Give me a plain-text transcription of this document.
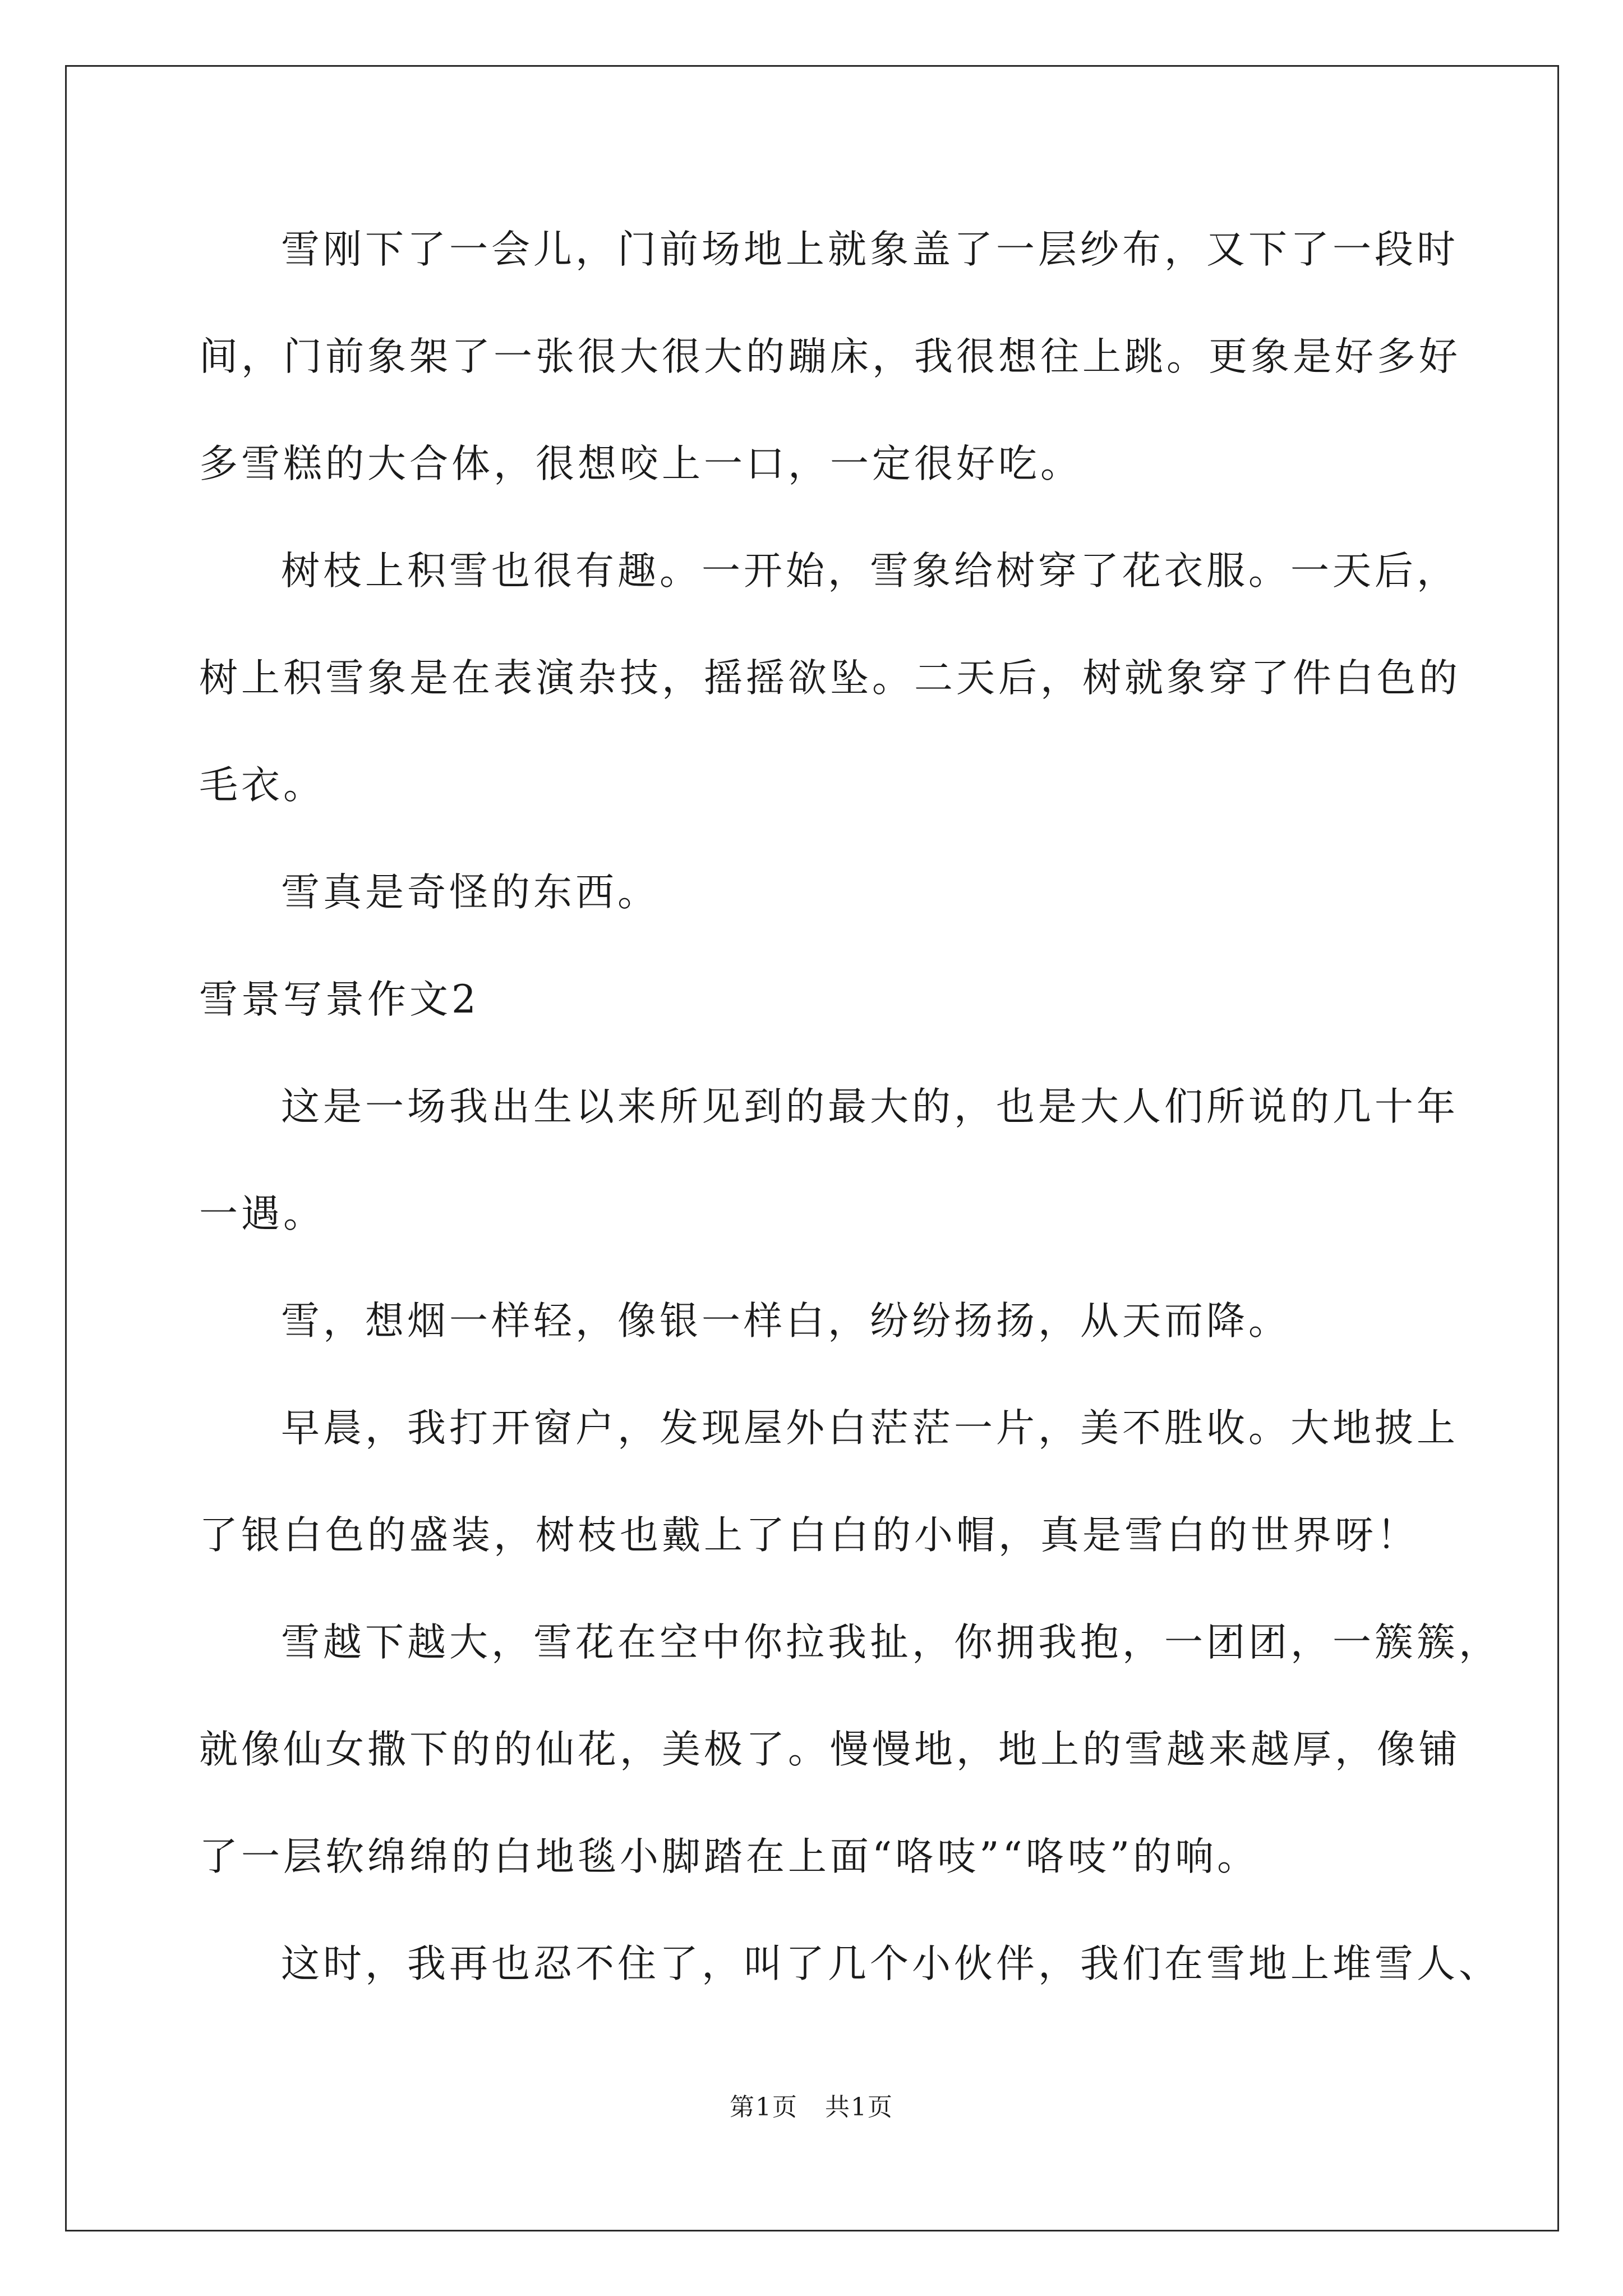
雪刚下了一会儿，门前场地上就象盖了一层纱布，又下了一段时
间，门前象架了一张很大很大的蹦床，我很想往上跳。更象是好多好
多雪糕的大合体，很想咬上一口，一定很好吃。
树枝上积雪也很有趣。一开始，雪象给树穿了花衣服。一天后，
树上积雪象是在表演杂技，摇摇欲坠。二天后，树就象穿了件白色的
毛衣。
雪真是奇怪的东西。
雪景写景作文2
这是一场我出生以来所见到的最大的，也是大人们所说的几十年
一遇。
雪，想烟一样轻，像银一样白，纷纷扬扬，从天而降。
早晨，我打开窗户，发现屋外白茫茫一片，美不胜收。大地披上
了银白色的盛装，树枝也戴上了白白的小帽，真是雪白的世界呀！
雪越下越大，雪花在空中你拉我扯，你拥我抱，一团团，一簇簇，
就像仙女撒下的的仙花，美极了。慢慢地，地上的雪越来越厚，像铺
了一层软绵绵的白地毯小脚踏在上面“咯吱”“咯吱”的响。
这时，我再也忍不住了，叫了几个小伙伴，我们在雪地上堆雪人、
第1页   共1页
